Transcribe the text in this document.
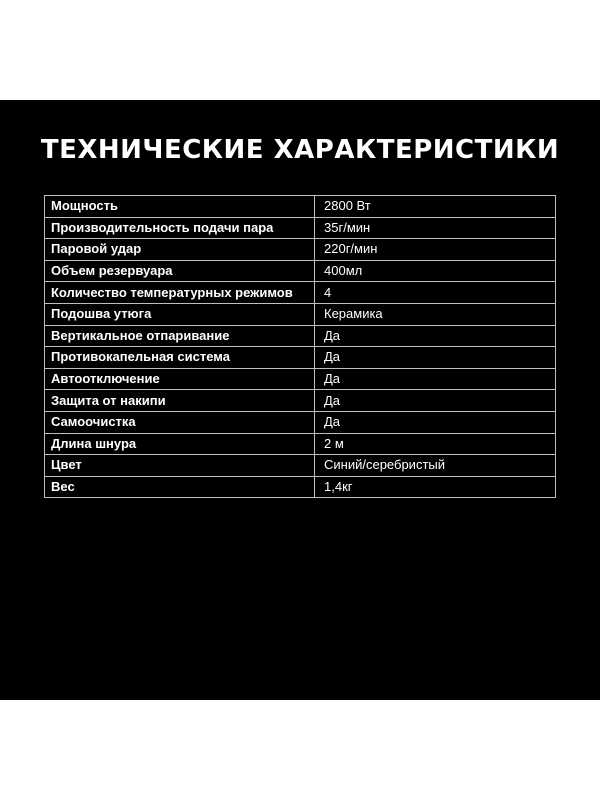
ТЕХНИЧЕСКИЕ ХАРАКТЕРИСТИКИ
Мощность	2800 Вт
Производительность подачи пара	35г/мин
Паровой удар	220г/мин
Объем резервуара	400мл
Количество температурных режимов	4
Подошва утюга	Керамика
Вертикальное отпаривание	Да
Противокапельная система	Да
Автоотключение	Да
Защита от накипи	Да
Самоочистка	Да
Длина шнура	2 м
Цвет	Синий/серебристый
Вес	1,4кг
